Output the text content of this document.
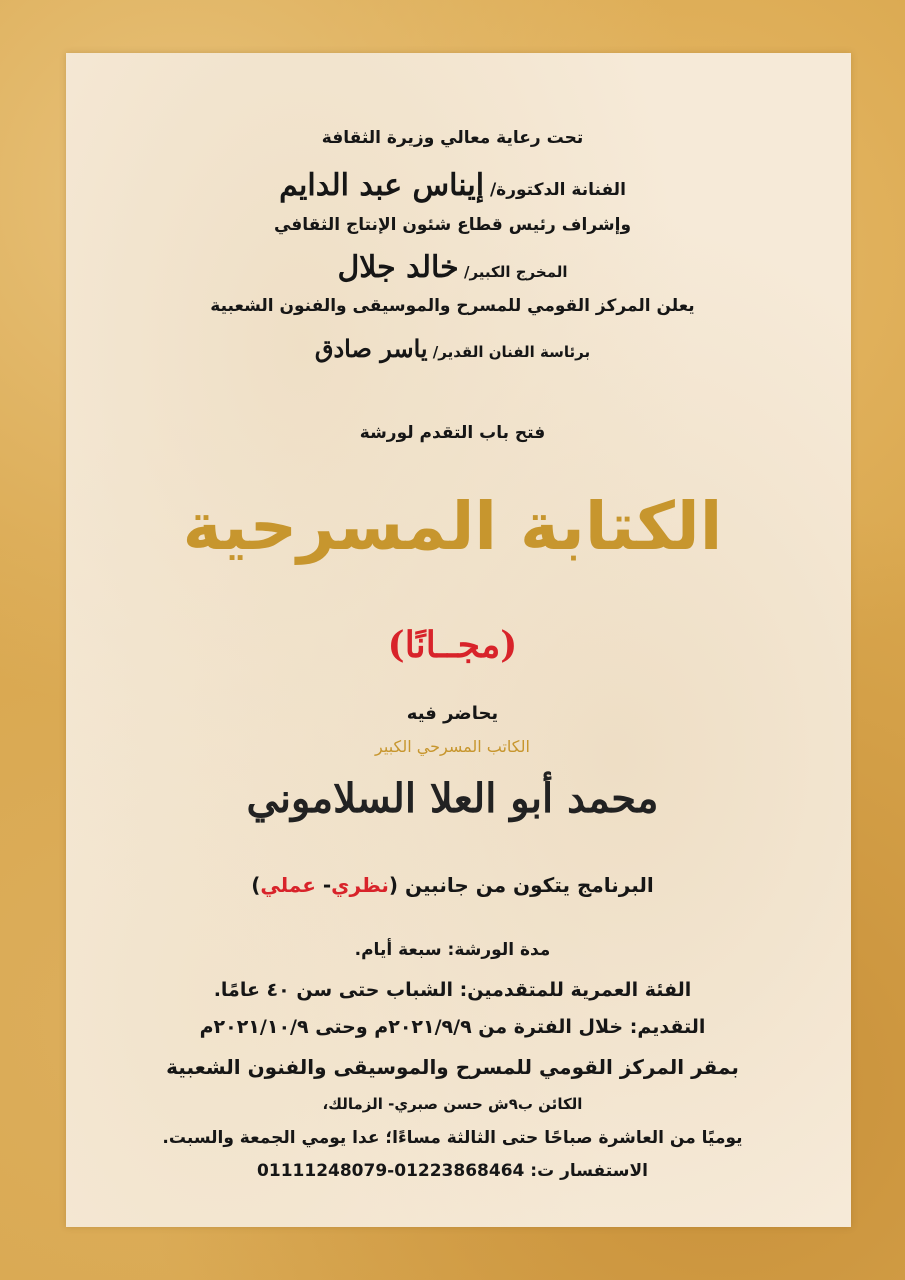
تحت رعاية معالي وزيرة الثقافة
الفنانة الدكتورة/ إيناس عبد الدايم
وإشراف رئيس قطاع شئون الإنتاج الثقافي
المخرج الكبير/ خالد جلال
يعلن المركز القومي للمسرح والموسيقى والفنون الشعبية
برئاسة الفنان القدير/ ياسر صادق
فتح باب التقدم لورشة
الكتابة المسرحية
(مجــانًا)
يحاضر فيه
الكاتب المسرحي الكبير
محمد أبو العلا السلاموني
البرنامج يتكون من جانبين (نظري- عملي)
مدة الورشة: سبعة أيام.
الفئة العمرية للمتقدمين: الشباب حتى سن ٤٠ عامًا.
التقديم: خلال الفترة من ٢٠٢١/٩/٩م وحتى ٢٠٢١/١٠/٩م
بمقر المركز القومي للمسرح والموسيقى والفنون الشعبية
الكائن ب٩ش حسن صبري- الزمالك،
يوميًا من العاشرة صباحًا حتى الثالثة مساءًا؛ عدا يومي الجمعة والسبت.
الاستفسار ت: 01223868464-01111248079
